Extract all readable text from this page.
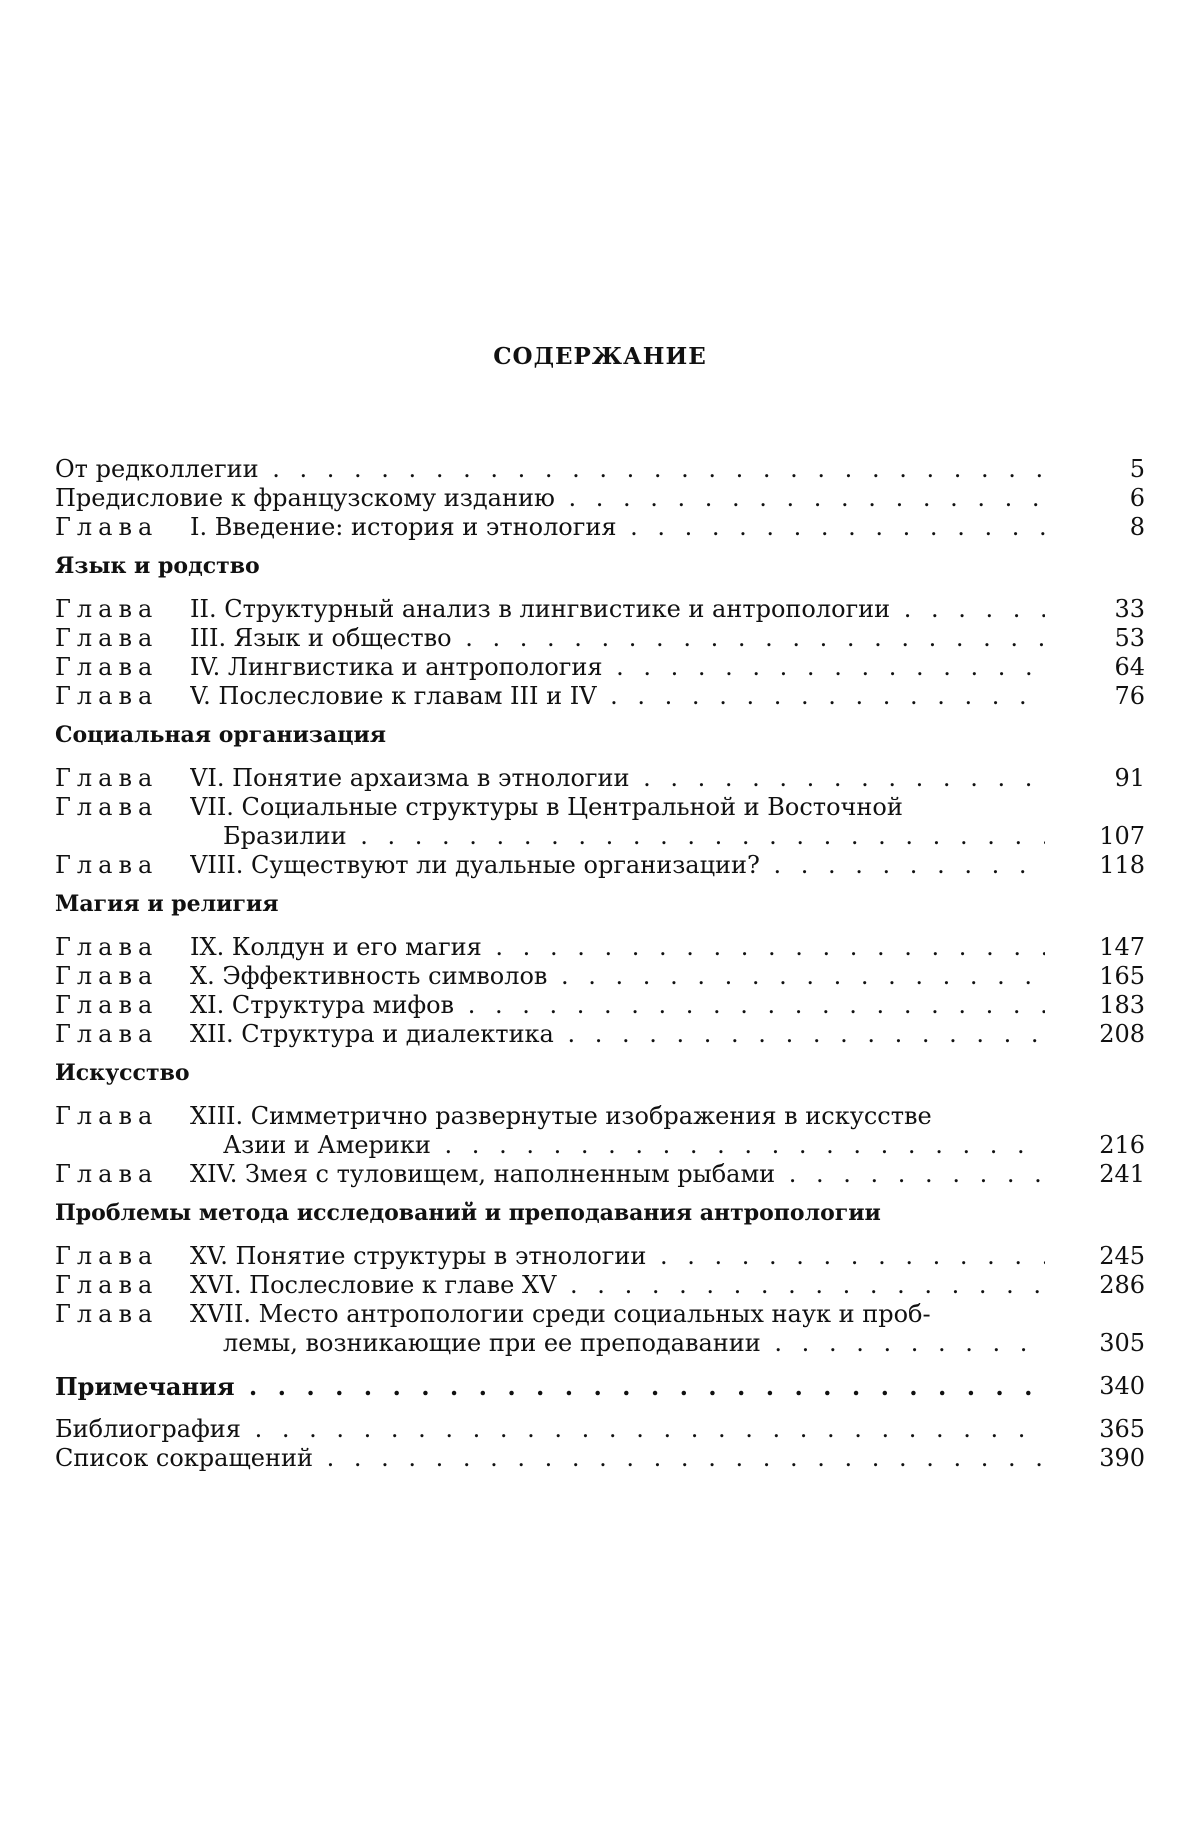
СОДЕРЖАНИЕ
От редколлегии . . .	5
Предисловие к французскому изданию . . .	6
Глава I. Введение: история и этнология . . .	8
Язык и родство
Глава II. Структурный анализ в лингвистике и антропологии . . .	33
Глава III. Язык и общество . . .	53
Глава IV. Лингвистика и антропология . . .	64
Глава V. Послесловие к главам III и IV . . .	76
Социальная организация
Глава VI. Понятие архаизма в этнологии . . .	91
Глава VII. Социальные структуры в Центральной и Восточной
Бразилии . . .	107
Глава VIII. Существуют ли дуальные организации? . . .	118
Магия и религия
Глава IX. Колдун и его магия . . .	147
Глава X. Эффективность символов . . .	165
Глава XI. Структура мифов . . .	183
Глава XII. Структура и диалектика . . .	208
Искусство
Глава XIII. Симметрично развернутые изображения в искусстве
Азии и Америки . . .	216
Глава XIV. Змея с туловищем, наполненным рыбами . . .	241
Проблемы метода исследований и преподавания антропологии
Глава XV. Понятие структуры в этнологии . . .	245
Глава XVI. Послесловие к главе XV . . .	286
Глава XVII. Место антропологии среди социальных наук и проб-
лемы, возникающие при ее преподавании . . .	305
Примечания . . .	340
Библиография . . .	365
Список сокращений . . .	390
